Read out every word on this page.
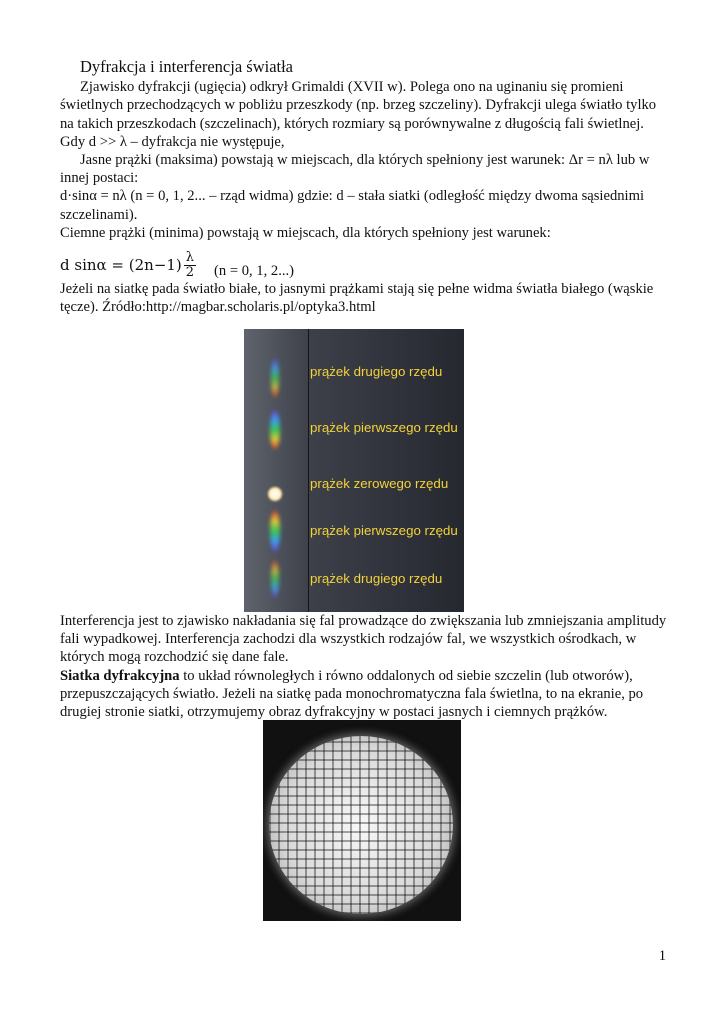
Dyfrakcja i interferencja światła

Zjawisko dyfrakcji (ugięcia) odkrył Grimaldi (XVII w). Polega ono na uginaniu się promieni świetlnych przechodzących w pobliżu przeszkody (np. brzeg szczeliny). Dyfrakcji ulega światło tylko na takich przeszkodach (szczelinach), których rozmiary są porównywalne z długością fali świetlnej.

Gdy d >> λ – dyfrakcja nie występuje,

Jasne prążki (maksima) powstają w miejscach, dla których spełniony jest warunek: Δr = nλ lub w innej postaci:

d·sinα = nλ (n = 0, 1, 2... – rząd widma) gdzie: d – stała siatki (odległość między dwoma sąsiednimi szczelinami).

Ciemne prążki (minima) powstają w miejscach, dla których spełniony jest warunek:

d $\sin\alpha = (2n-1) \frac{\lambda}{2} (n = 0$, 1, 2...)

Jeżeli na siatkę pada światło białe, to jasnymi prążkami stają się pełne widma światła białego (wąskie tęcze). Źródło:http://magbar.scholaris.pl/optyka3.html

prążek drugiego rzędu
prążek pierwszego rzędu
prążek zerowego rzędu
prążek pierwszego rzędu
prążek drugiego rzędu

Interferencja jest to zjawisko nakładania się fal prowadzące do zwiększania lub zmniejszania amplitudy fali wypadkowej. Interferencja zachodzi dla wszystkich rodzajów fal, we wszystkich ośrodkach, w których mogą rozchodzić się dane fale.

Siatka dyfrakcyjna to układ równoległych i równo oddalonych od siebie szczelin (lub otworów), przepuszczających światło. Jeżeli na siatkę pada monochromatyczna fala świetlna, to na ekranie, po drugiej stronie siatki, otrzymujemy obraz dyfrakcyjny w postaci jasnych i ciemnych prążków.

1
